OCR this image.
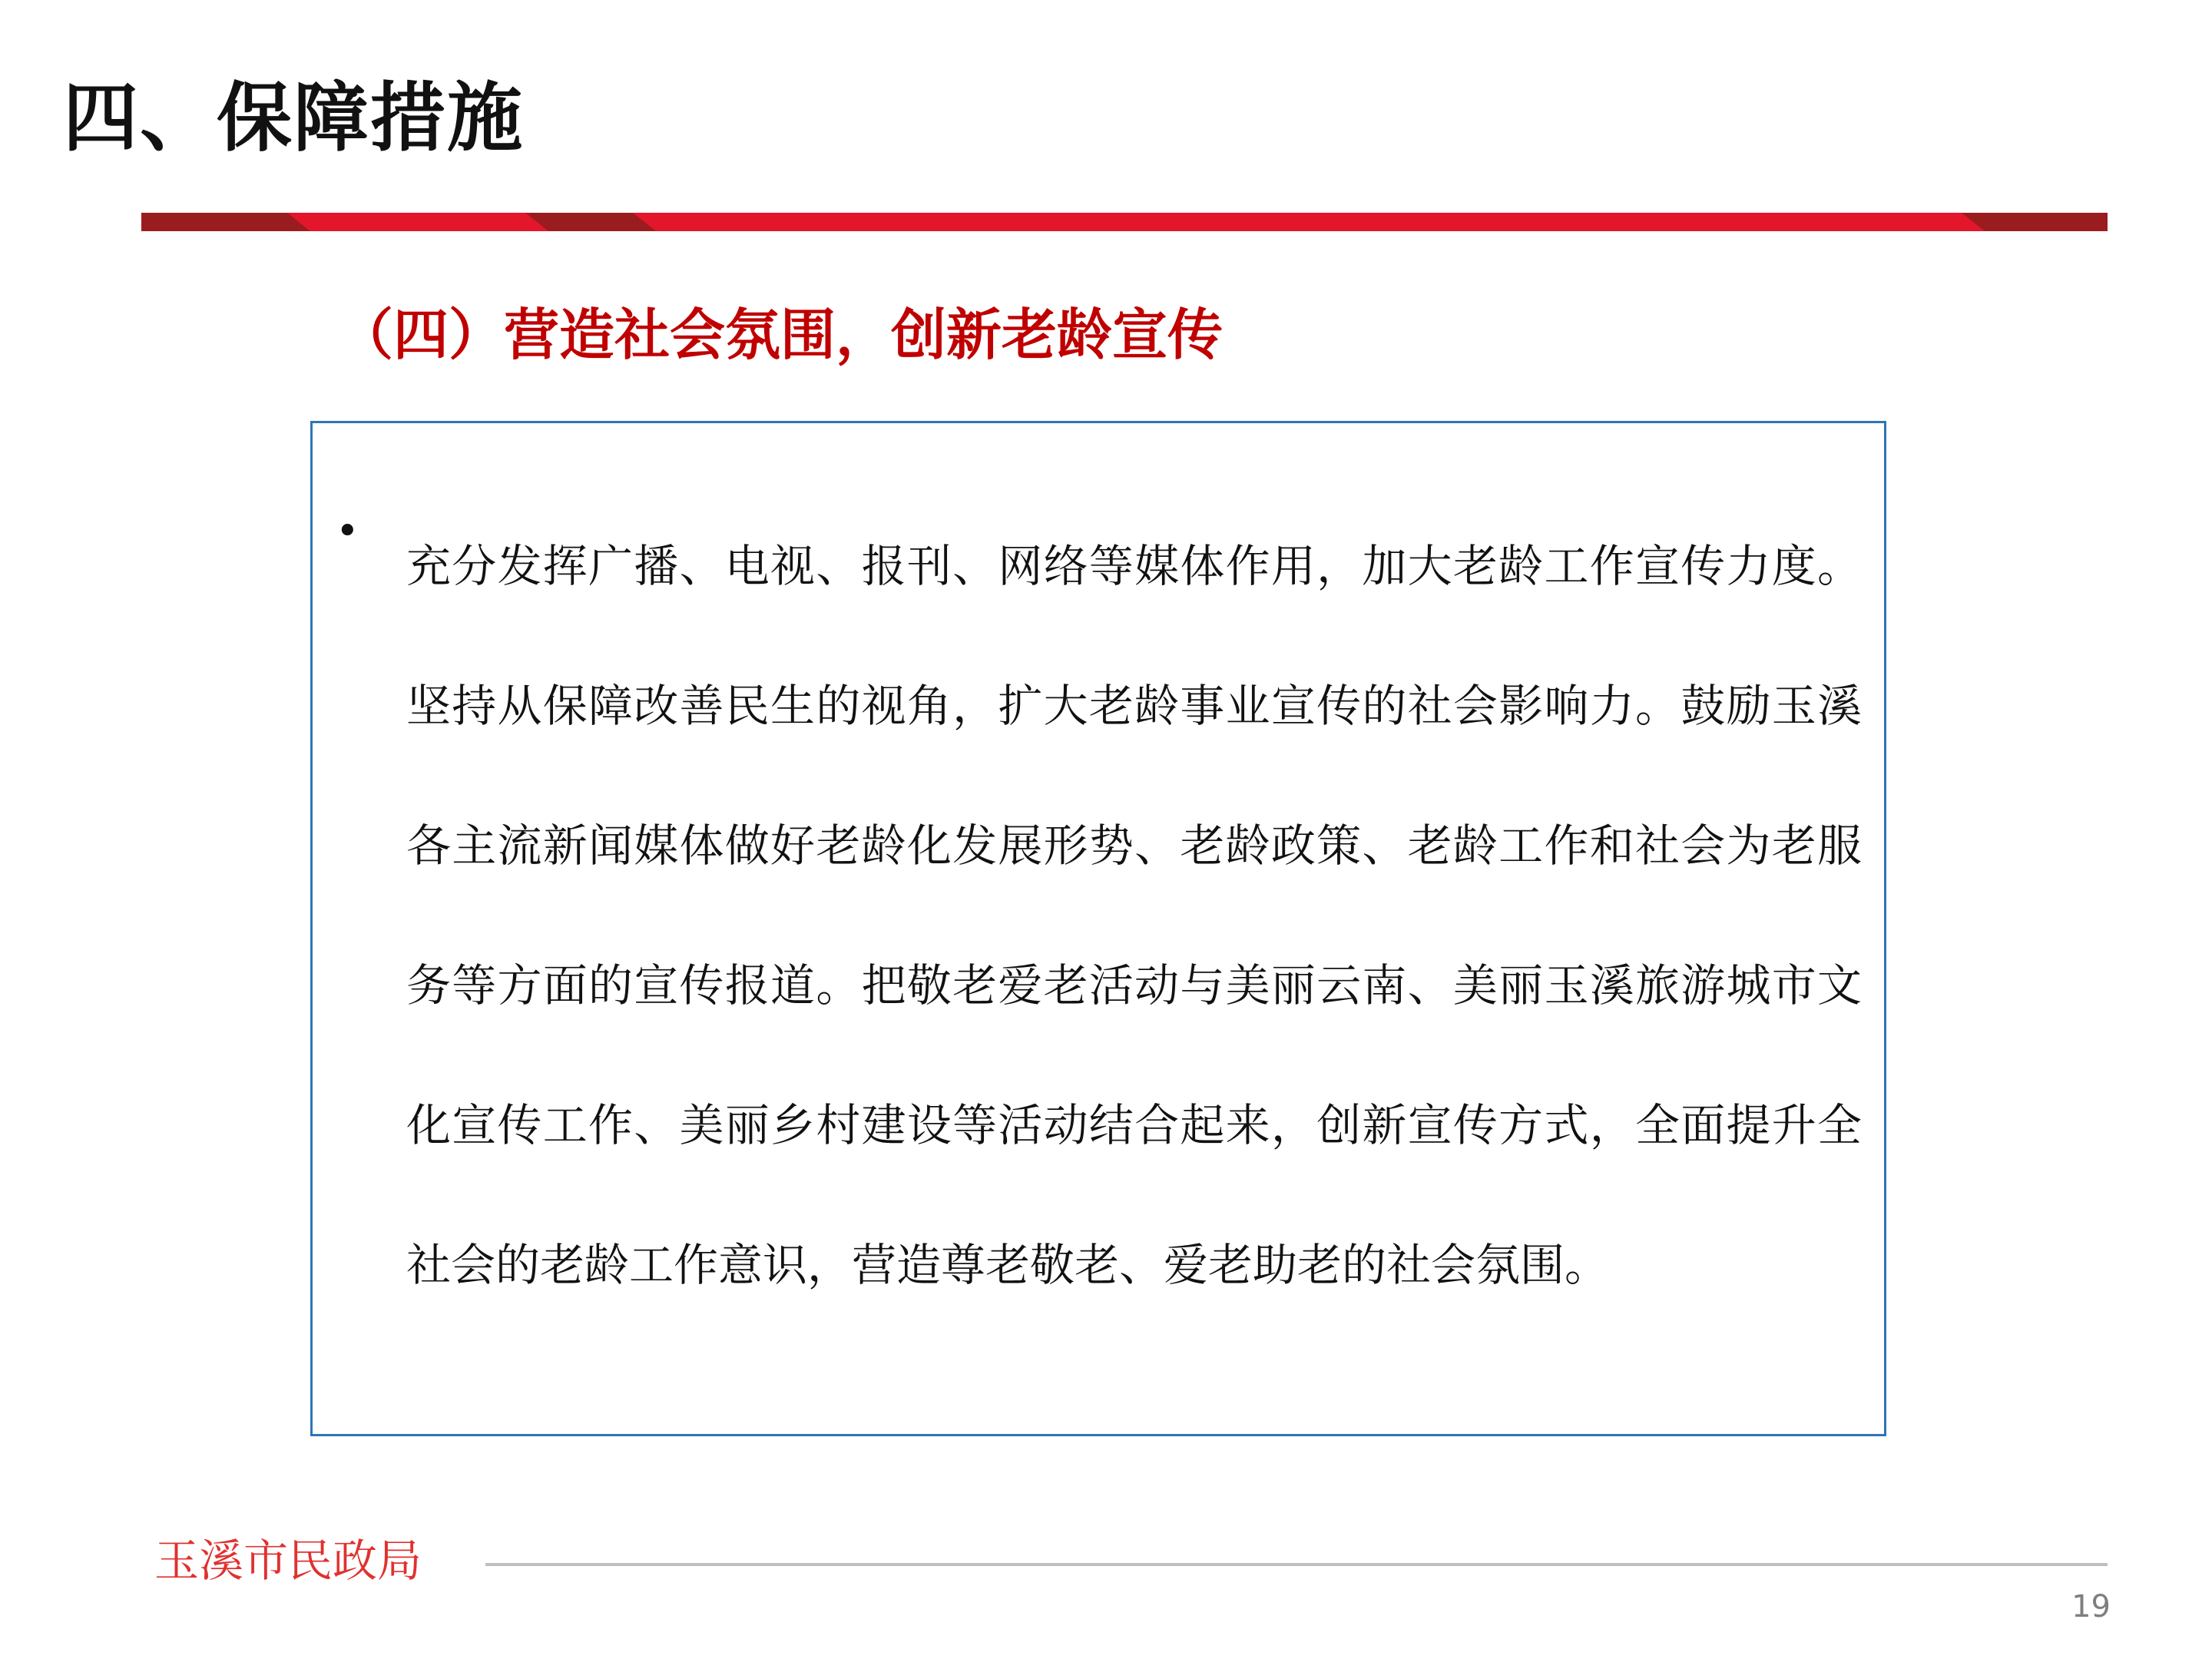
四、保障措施
（四）营造社会氛围，创新老龄宣传
•

充分发挥广播、电视、报刊、网络等媒体作用，加大老龄工作宣传力度。坚持从保障改善民生的视角，扩大老龄事业宣传的社会影响力。鼓励玉溪各主流新闻媒体做好老龄化发展形势、老龄政策、老龄工作和社会为老服务等方面的宣传报道。把敬老爱老活动与美丽云南、美丽玉溪旅游城市文化宣传工作、美丽乡村建设等活动结合起来，创新宣传方式，全面提升全社会的老龄工作意识，营造尊老敬老、爱老助老的社会氛围。

玉溪市民政局
19
